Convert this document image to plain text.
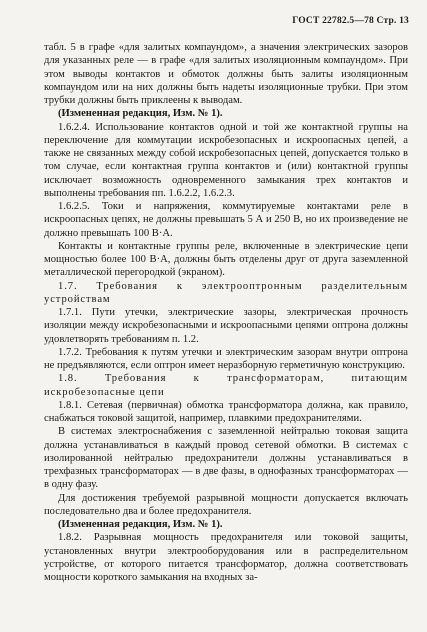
ГОСТ 22782.5—78 Стр. 13

табл. 5 в графе «для залитых компаундом», а значения электрических зазоров для указанных реле — в графе «для залитых изоляционным компаундом». При этом выводы контактов и обмоток должны быть залиты изоляционным компаундом или на них должны быть надеты изоляционные трубки. При этом трубки должны быть приклеены к выводам.

(Измененная редакция, Изм. № 1).

1.6.2.4. Использование контактов одной и той же контактной группы на переключение для коммутации искробезопасных и искроопасных цепей, а также не связанных между собой искробезопасных цепей, допускается только в том случае, если контактная группа контактов и (или) контактной группы исключает возможность одновременного замыкания трех контактов и выполнены требования пп. 1.6.2.2, 1.6.2.3.

1.6.2.5. Токи и напряжения, коммутируемые контактами реле в искроопасных цепях, не должны превышать 5 А и 250 В, но их произведение не должно превышать 100 В·А.

Контакты и контактные группы реле, включенные в электрические цепи мощностью более 100 В·А, должны быть отделены друг от друга заземленной металлической перегородкой (экраном).

1.7. Требования к электрооптронным разделительным устройствам

1.7.1. Пути утечки, электрические зазоры, электрическая прочность изоляции между искробезопасными и искроопасными цепями оптрона должны удовлетворять требованиям п. 1.2.

1.7.2. Требования к путям утечки и электрическим зазорам внутри оптрона не предъявляются, если оптрон имеет неразборную герметичную конструкцию.

1.8. Требования к трансформаторам, питающим искробезопасные цепи

1.8.1. Сетевая (первичная) обмотка трансформатора должна, как правило, снабжаться токовой защитой, например, плавкими предохранителями.

В системах электроснабжения с заземленной нейтралью токовая защита должна устанавливаться в каждый провод сетевой обмотки. В системах с изолированной нейтралью предохранители должны устанавливаться в трехфазных трансформаторах — в две фазы, в однофазных трансформаторах — в одну фазу.

Для достижения требуемой разрывной мощности допускается включать последовательно два и более предохранителя.

(Измененная редакция, Изм. № 1).

1.8.2. Разрывная мощность предохранителя или токовой защиты, установленных внутри электрооборудования или в распределительном устройстве, от которого питается трансформатор, должна соответствовать мощности короткого замыкания на входных за-
